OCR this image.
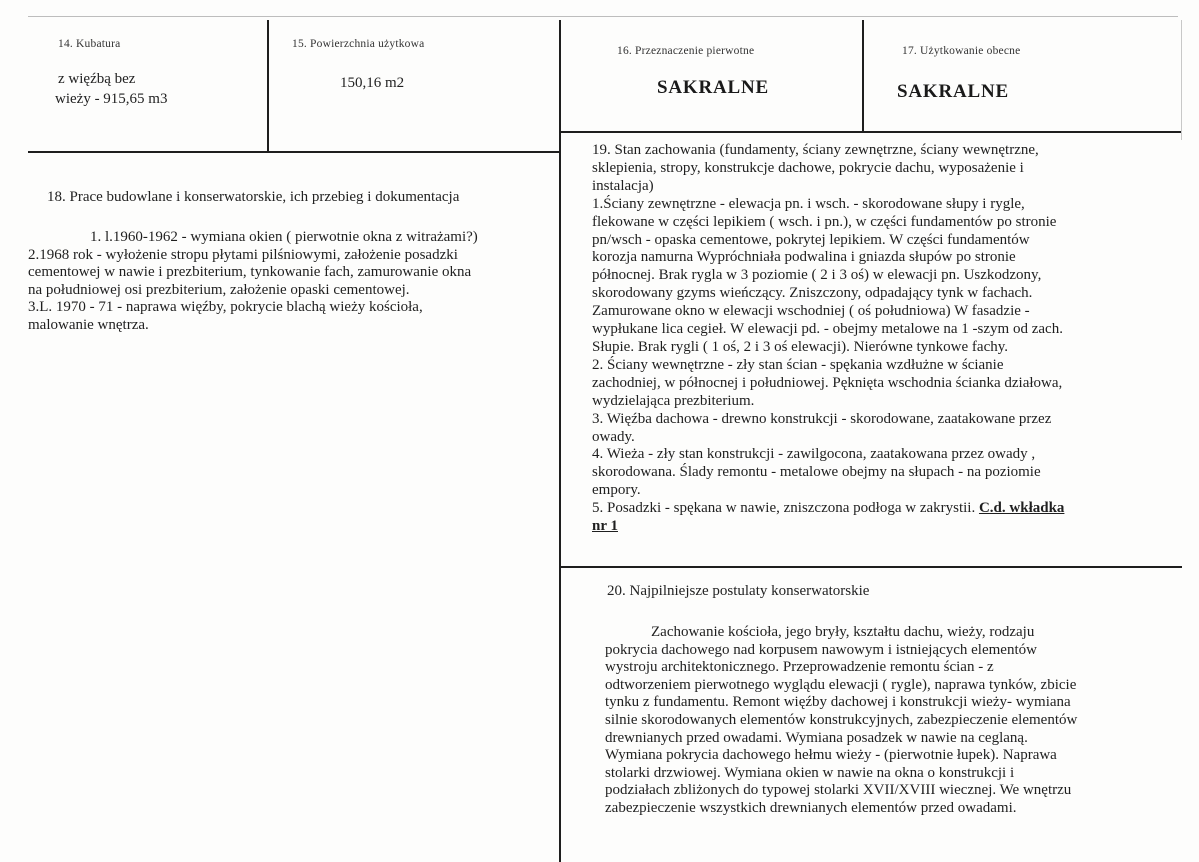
14. Kubatura
z więźbą bez
wieży - 915,65 m3
15. Powierzchnia użytkowa
150,16 m2
16. Przeznaczenie pierwotne
SAKRALNE
17. Użytkowanie obecne
SAKRALNE
18. Prace budowlane i konserwatorskie, ich przebieg i dokumentacja
1. l.1960-1962 - wymiana okien ( pierwotnie okna z witrażami?)
2.1968 rok - wyłożenie stropu płytami pilśniowymi, założenie posadzki
cementowej w nawie i prezbiterium, tynkowanie fach, zamurowanie okna
na południowej osi prezbiterium, założenie opaski cementowej.
3.L. 1970 - 71 - naprawa więźby, pokrycie blachą wieży kościoła,
malowanie wnętrza.
19. Stan zachowania (fundamenty, ściany zewnętrzne, ściany wewnętrzne,
sklepienia, stropy, konstrukcje dachowe, pokrycie dachu, wyposażenie i
instalacja)
1.Ściany zewnętrzne - elewacja pn. i wsch. - skorodowane słupy i rygle,
flekowane w części lepikiem ( wsch. i pn.), w części fundamentów po stronie
pn/wsch - opaska cementowe, pokrytej lepikiem. W części fundamentów
korozja namurna Wypróchniała podwalina i gniazda słupów po stronie
północnej. Brak rygla w 3 poziomie ( 2 i 3 oś) w elewacji pn. Uszkodzony,
skorodowany gzyms wieńczący. Zniszczony, odpadający tynk w fachach.
Zamurowane okno w elewacji wschodniej ( oś południowa) W fasadzie -
wypłukane lica cegieł. W elewacji pd. - obejmy metalowe na 1 -szym od zach.
Słupie. Brak rygli ( 1 oś, 2 i 3 oś elewacji). Nierówne tynkowe fachy.
2. Ściany wewnętrzne - zły stan ścian - spękania wzdłużne w ścianie
zachodniej, w północnej i południowej. Pęknięta wschodnia ścianka działowa,
wydzielająca prezbiterium.
3. Więźba dachowa - drewno konstrukcji - skorodowane, zaatakowane przez
owady.
4. Wieża - zły stan konstrukcji - zawilgocona, zaatakowana przez owady ,
skorodowana. Ślady remontu - metalowe obejmy na słupach - na poziomie
empory.
5. Posadzki - spękana w nawie, zniszczona podłoga w zakrystii. C.d. wkładka
nr 1
20. Najpilniejsze postulaty konserwatorskie
Zachowanie kościoła, jego bryły, kształtu dachu, wieży, rodzaju
pokrycia dachowego nad korpusem nawowym i istniejących elementów
wystroju architektonicznego. Przeprowadzenie remontu ścian - z
odtworzeniem pierwotnego wyglądu elewacji ( rygle), naprawa tynków, zbicie
tynku z fundamentu. Remont więźby dachowej i konstrukcji wieży- wymiana
silnie skorodowanych elementów konstrukcyjnych, zabezpieczenie elementów
drewnianych przed owadami. Wymiana posadzek w nawie na ceglaną.
Wymiana pokrycia dachowego hełmu wieży - (pierwotnie łupek). Naprawa
stolarki drzwiowej. Wymiana okien w nawie na okna o konstrukcji i
podziałach zbliżonych do typowej stolarki XVII/XVIII wiecznej. We wnętrzu
zabezpieczenie wszystkich drewnianych elementów przed owadami.
